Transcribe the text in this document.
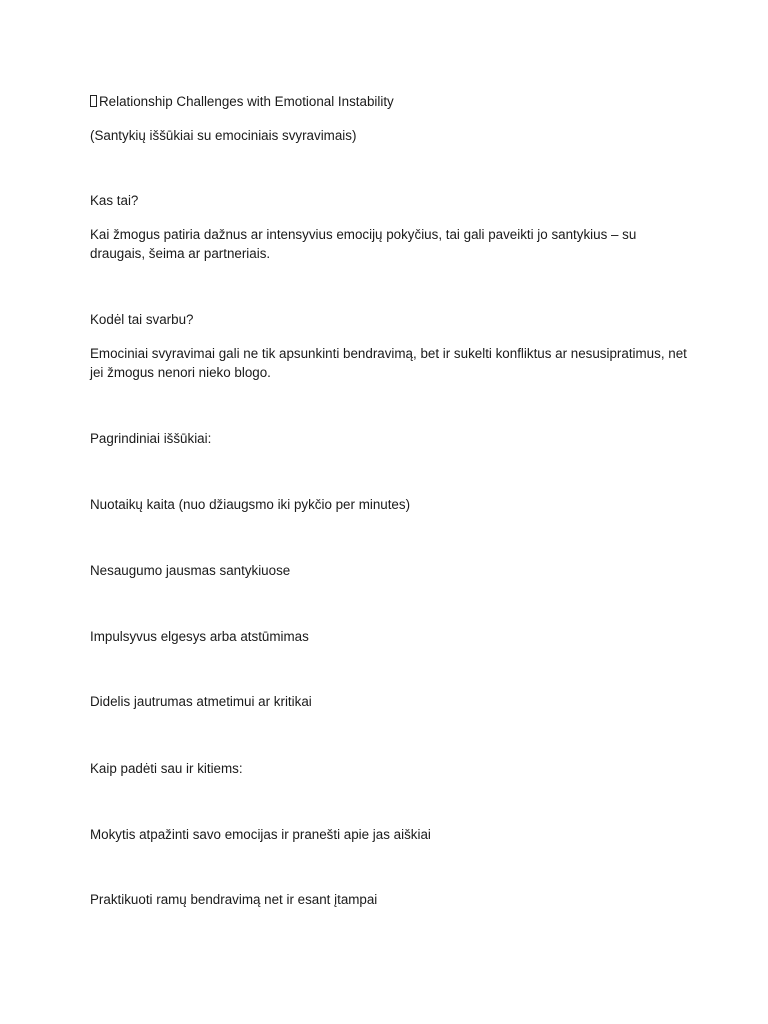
Relationship Challenges with Emotional Instability
(Santykių iššūkiai su emociniais svyravimais)
Kas tai?
Kai žmogus patiria dažnus ar intensyvius emocijų pokyčius, tai gali paveikti jo santykius – su draugais, šeima ar partneriais.
Kodėl tai svarbu?
Emociniai svyravimai gali ne tik apsunkinti bendravimą, bet ir sukelti konfliktus ar nesusipratimus, net jei žmogus nenori nieko blogo.
Pagrindiniai iššūkiai:
Nuotaikų kaita (nuo džiaugsmo iki pykčio per minutes)
Nesaugumo jausmas santykiuose
Impulsyvus elgesys arba atstūmimas
Didelis jautrumas atmetimui ar kritikai
Kaip padėti sau ir kitiems:
Mokytis atpažinti savo emocijas ir pranešti apie jas aiškiai
Praktikuoti ramų bendravimą net ir esant įtampai
